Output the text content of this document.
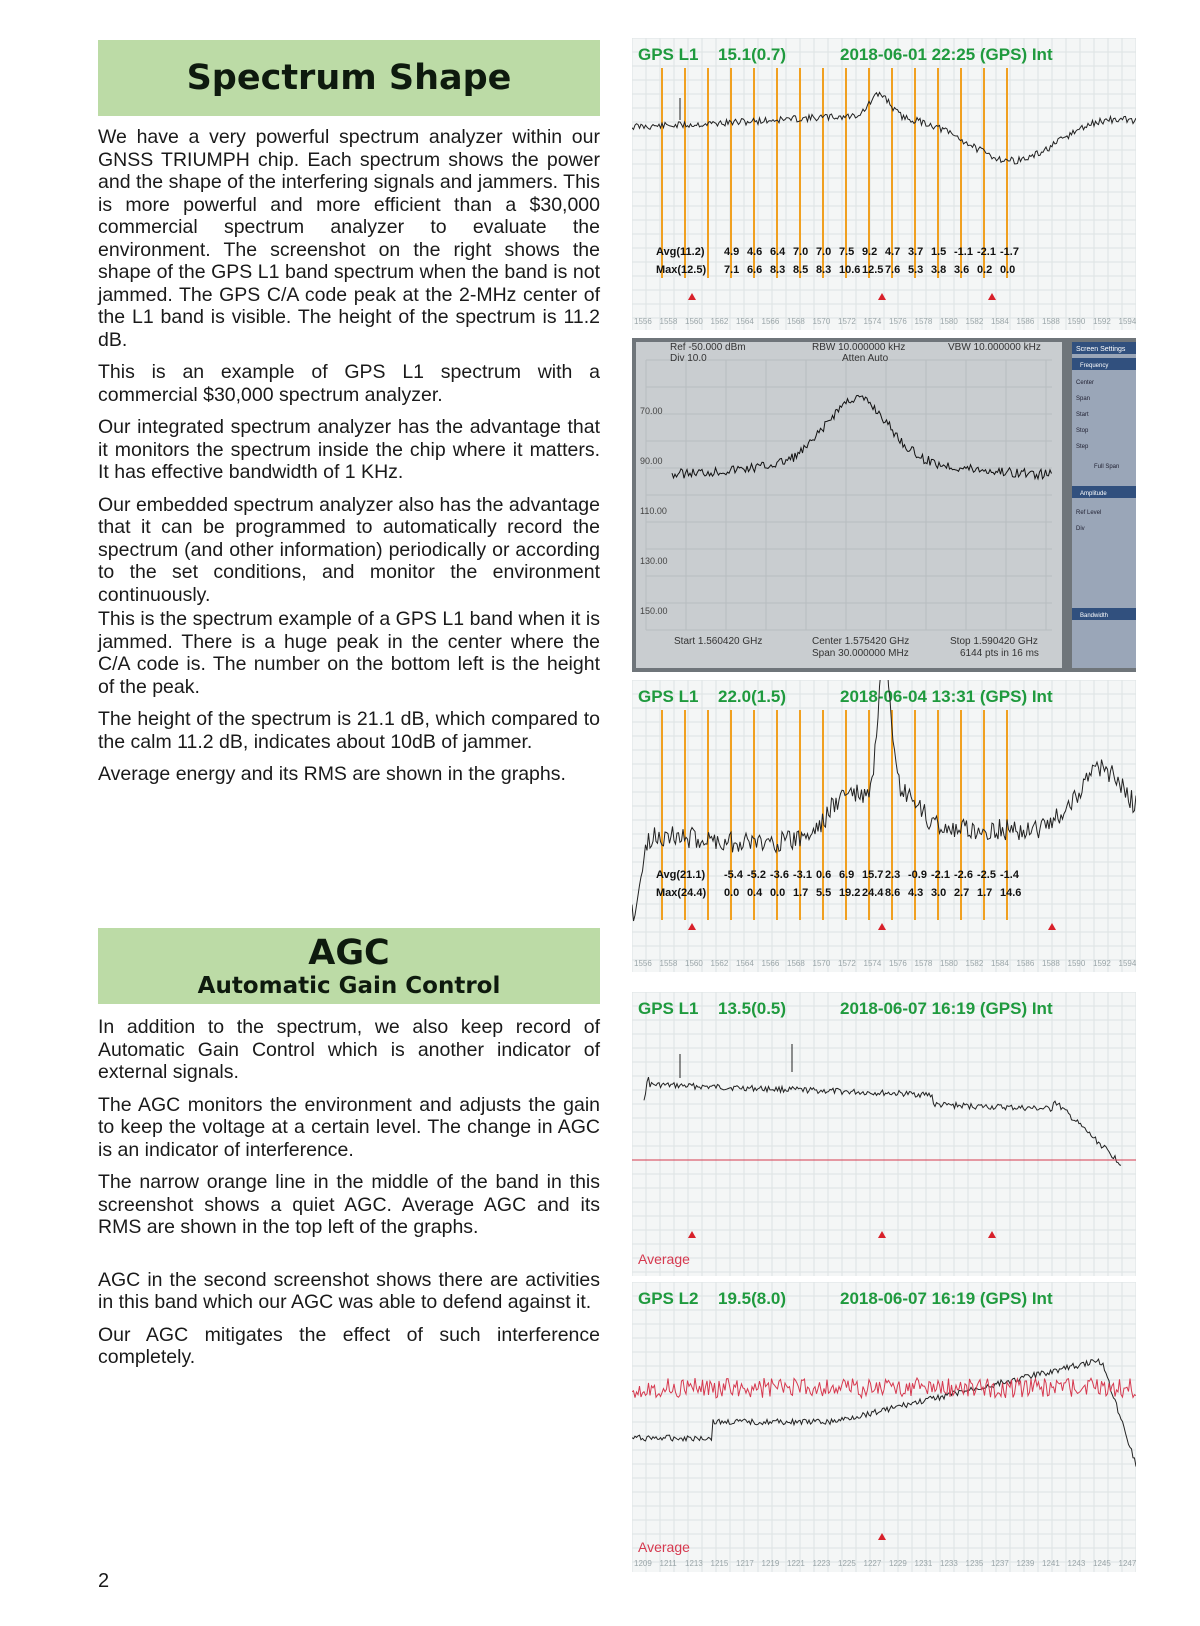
Spectrum Shape

We have a very powerful spectrum analyzer within our GNSS TRIUMPH chip. Each spectrum shows the power and the shape of the interfering signals and jammers. This is more powerful and more efficient than a $30,000 commercial spectrum analyzer to evaluate the environment. The screenshot on the right shows the shape of the GPS L1 band spectrum when the band is not jammed. The GPS C/A code peak at the 2-MHz center of the L1 band is visible. The height of the spectrum is 11.2 dB.

This is an example of GPS L1 spectrum with a commercial $30,000 spectrum analyzer.

Our integrated spectrum analyzer has the advantage that it monitors the spectrum inside the chip where it matters. It has effective bandwidth of 1 KHz.

Our embedded spectrum analyzer also has the advantage that it can be programmed to automatically record the spectrum (and other information) periodically or according to the set conditions, and monitor the environment continuously.

This is the spectrum example of a GPS L1 band when it is jammed. There is a huge peak in the center where the C/A code is. The number on the bottom left is the height of the peak.

The height of the spectrum is 21.1 dB, which compared to the calm 11.2 dB, indicates about 10dB of jammer.

Average energy and its RMS are shown in the graphs.

AGC
Automatic Gain Control

In addition to the spectrum, we also keep record of Automatic Gain Control which is another indicator of external signals.

The AGC monitors the environment and adjusts the gain to keep the voltage at a certain level. The change in AGC is an indicator of interference.

The narrow orange line in the middle of the band in this screenshot shows a quiet AGC. Average AGC and its RMS are shown in the top left of the graphs.

AGC in the second screenshot shows there are activities in this band which our AGC was able to defend against it.

Our AGC mitigates the effect of such interference completely.

2
GPS L1 15.1(0.7)	2018-06-01 22:25 (GPS) Int
Avg(11.2) 4.9 4.6 6.4 7.0 7.0 7.5 9.2 4.7 3.7 1.5 -1.1 -2.1 -1.7
Max(12.5) 7.1 6.6 8.3 8.5 8.3 10.6 12.5 7.6 5.3 3.8 3.6 0.2 0.0
1556 1558 1560 1562 1564 1566 1568 1570 1572 1574 1576 1578 1580 1582 1584 1586 1588 1590 1592 1594
Screen Settings
Frequency
Amplitude
Bandwidth
Center
Span
Start
Stop
Step
Full Span
Ref Level
Div
Ref -50.000 dBm
Div 10.0
RBW 10.000000 kHz
Atten Auto
VBW 10.000000 kHz
70.00
90.00
110.00
130.00
150.00
Start 1.560420 GHz	Center 1.575420 GHz
Span 30.000000 MHz
Stop 1.590420 GHz
6144 pts in 16 ms
GPS L1 22.0(1.5)	2018-06-04 13:31 (GPS) Int
Avg(21.1) -5.4 -5.2 -3.6 -3.1 0.6 6.9 15.7 2.3 -0.9 -2.1 -2.6 -2.5 -1.4
Max(24.4) 0.0 0.4 0.0 1.7 5.5 19.2 24.4 8.6 4.3 3.0 2.7 1.7 14.6
1556 1558 1560 1562 1564 1566 1568 1570 1572 1574 1576 1578 1580 1582 1584 1586 1588 1590 1592 1594
GPS L1 13.5(0.5)	2018-06-07 16:19 (GPS) Int
Average
GPS L2 19.5(8.0)	2018-06-07 16:19 (GPS) Int
Average
1209 1211 1213 1215 1217 1219 1221 1223 1225 1227 1229 1231 1233 1235 1237 1239 1241 1243 1245 1247
